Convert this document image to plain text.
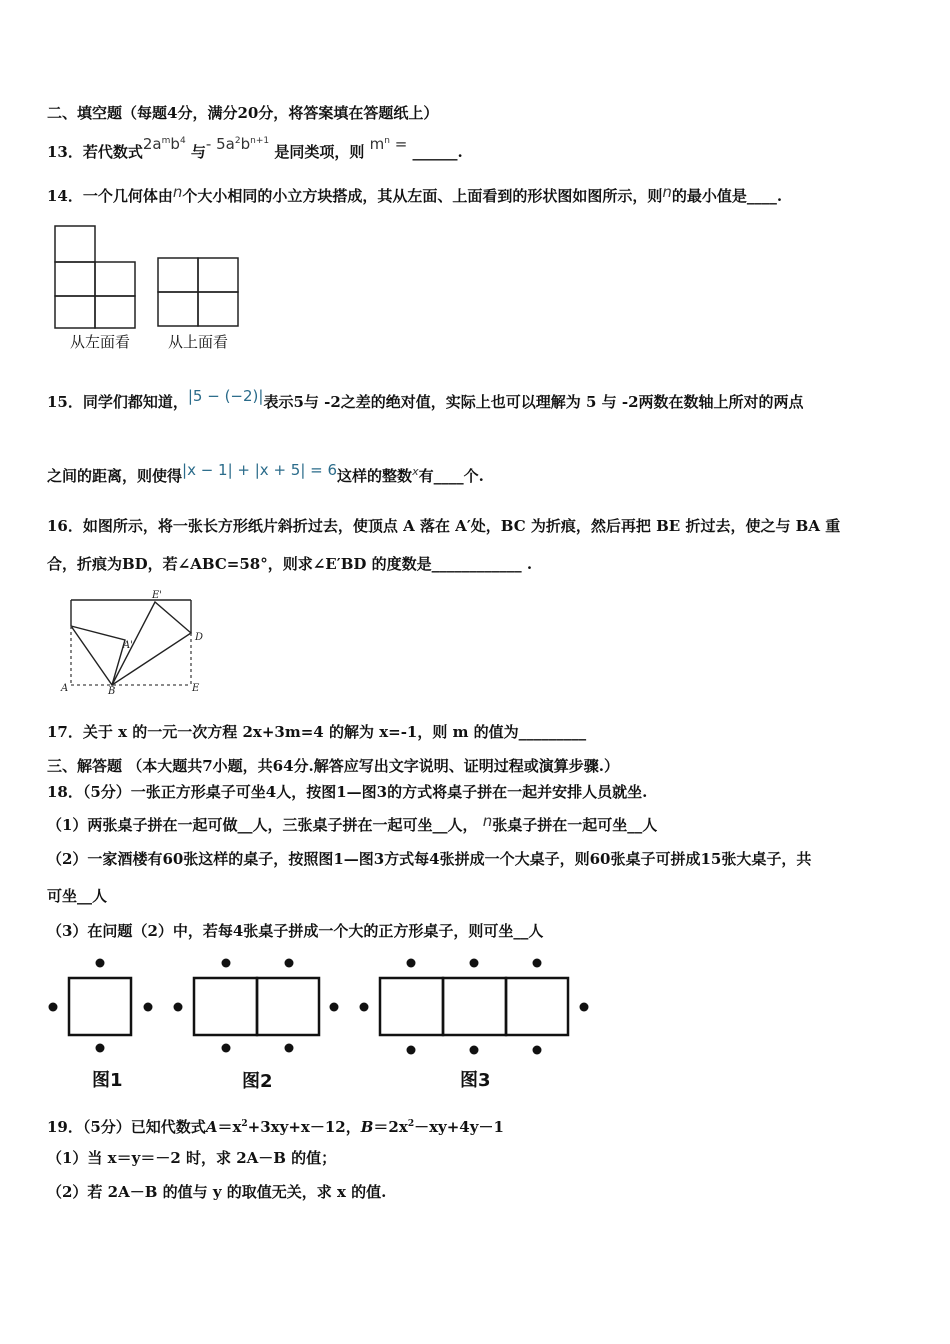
二、填空题（每题4分，满分20分，将答案填在答题纸上）
13．若代数式$2a^mb^4$ 与- $5a^2b^{n+1}$ 是同类项，则 $m^n$ = ______.
14．一个几何体由n个大小相同的小立方块搭成，其从左面、上面看到的形状图如图所示，则n的最小值是____.
从左面看	从上面看
15．同学们都知道，|5 − (−2)|表示5与 -2之差的绝对值，实际上也可以理解为 5 与 -2两数在数轴上所对的两点
之间的距离，则使得|x − 1| + |x + 5| = 6这样的整数$^x$有____个.
16．如图所示，将一张长方形纸片斜折过去，使顶点 A 落在 A′处，BC 为折痕，然后再把 BE 折过去，使之与 BA 重
合，折痕为BD，若∠ABC=58°，则求∠E′BD 的度数是____________ .
E'
A'
D
A	B	E
17．关于 x 的一元一次方程 2x+3m=4 的解为 x=-1，则 m 的值为_________
三、解答题 （本大题共7小题，共64分.解答应写出文字说明、证明过程或演算步骤.）
18．（5分）一张正方形桌子可坐4人，按图1—图3的方式将桌子拼在一起并安排人员就坐.
（1）两张桌子拼在一起可做__人，三张桌子拼在一起可坐__人， n张桌子拼在一起可坐__人
（2）一家酒楼有60张这样的桌子，按照图1—图3方式每4张拼成一个大桌子，则60张桌子可拼成15张大桌子，共
可坐__人
（3）在问题（2）中，若每4张桌子拼成一个大的正方形桌子，则可坐__人
图1	图2	图3
19．（5分）已知代数式$A=x^2+3xy+x-12$，$B=2x^2-xy+4y-1$
（1）当 x＝y＝－2 时，求 2A－B 的值；
（2）若 2A－B 的值与 y 的取值无关，求 x 的值.
